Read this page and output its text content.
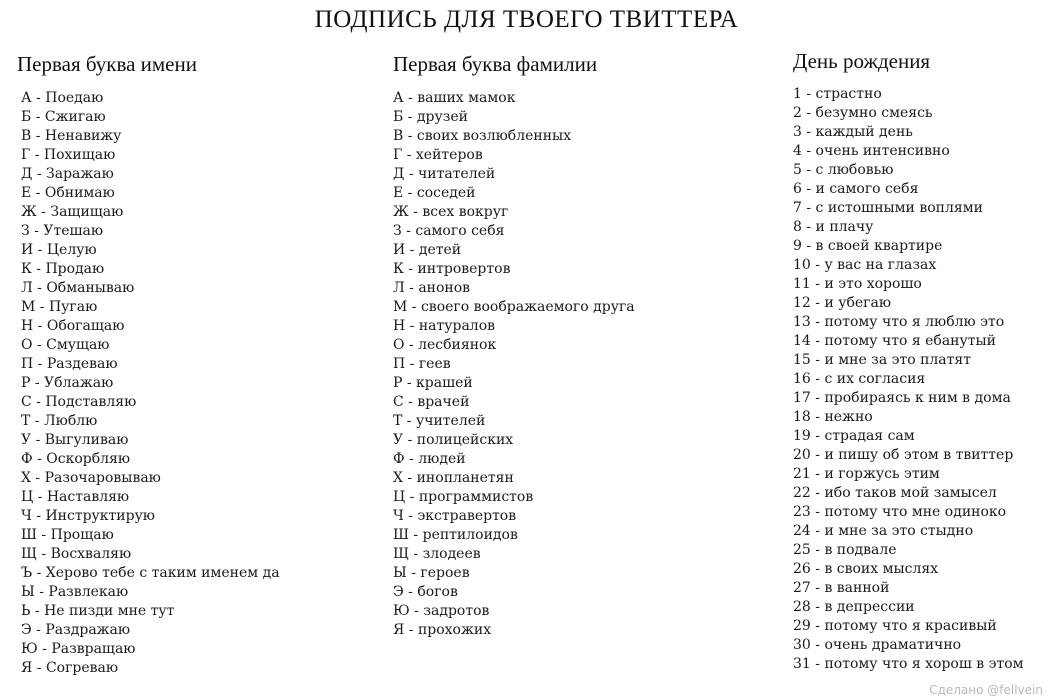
ПОДПИСЬ ДЛЯ ТВОЕГО ТВИТТЕРА
Первая буква имени
А - Поедаю
Б - Сжигаю
В - Ненавижу
Г - Похищаю
Д - Заражаю
Е - Обнимаю
Ж - Защищаю
З - Утешаю
И - Целую
К - Продаю
Л - Обманываю
М - Пугаю
Н - Обогащаю
О - Смущаю
П - Раздеваю
Р - Ублажаю
С - Подставляю
Т - Люблю
У - Выгуливаю
Ф - Оскорбляю
Х - Разочаровываю
Ц - Наставляю
Ч - Инструктирую
Ш - Прощаю
Щ - Восхваляю
Ъ - Херово тебе с таким именем да
Ы - Развлекаю
Ь - Не пизди мне тут
Э - Раздражаю
Ю - Развращаю
Я - Согреваю
Первая буква фамилии
А - ваших мамок
Б - друзей
В - своих возлюбленных
Г - хейтеров
Д - читателей
Е - соседей
Ж - всех вокруг
З - самого себя
И - детей
К - интровертов
Л - анонов
М - своего воображаемого друга
Н - натуралов
О - лесбиянок
П - геев
Р - крашей
С - врачей
Т - учителей
У - полицейских
Ф - людей
Х - инопланетян
Ц - программистов
Ч - экстравертов
Ш - рептилоидов
Щ - злодеев
Ы - героев
Э - богов
Ю - задротов
Я - прохожих
День рождения
1 - страстно
2 - безумно смеясь
3 - каждый день
4 - очень интенсивно
5 - с любовью
6 - и самого себя
7 - с истошными воплями
8 - и плачу
9 - в своей квартире
10 - у вас на глазах
11 - и это хорошо
12 - и убегаю
13 - потому что я люблю это
14 - потому что я ебанутый
15 - и мне за это платят
16 - с их согласия
17 - пробираясь к ним в дома
18 - нежно
19 - страдая сам
20 - и пишу об этом в твиттер
21 - и горжусь этим
22 - ибо таков мой замысел
23 - потому что мне одиноко
24 - и мне за это стыдно
25 - в подвале
26 - в своих мыслях
27 - в ванной
28 - в депрессии
29 - потому что я красивый
30 - очень драматично
31 - потому что я хорош в этом
Сделано @fellvein
